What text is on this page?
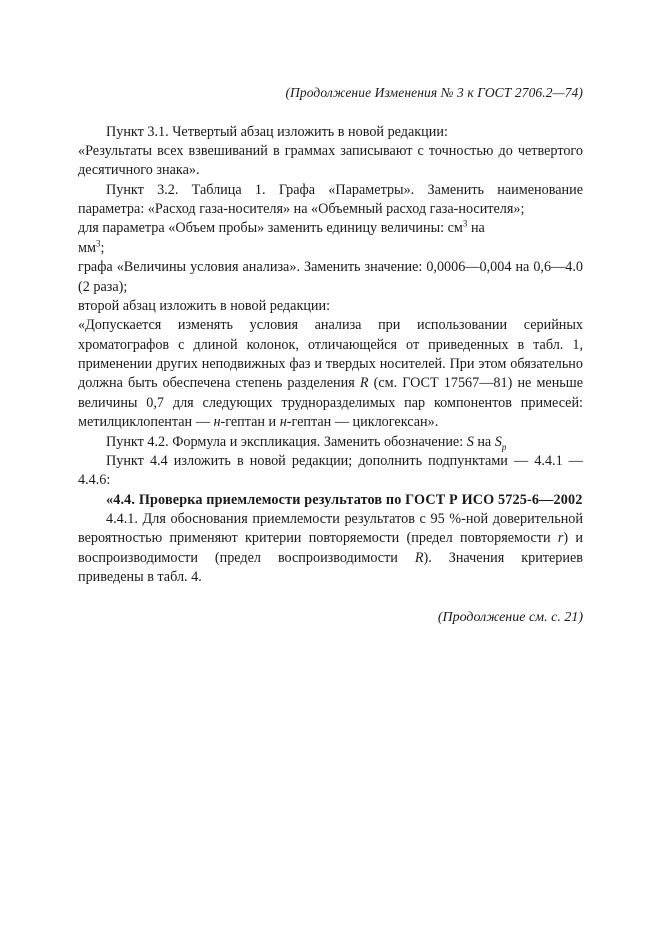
(Продолжение Изменения № 3 к ГОСТ 2706.2—74)

Пункт 3.1. Четвертый абзац изложить в новой редакции:

«Результаты всех взвешиваний в граммах записывают с точностью до четвертого десятичного знака».

Пункт 3.2. Таблица 1. Графа «Параметры». Заменить наименование параметра: «Расход газа-носителя» на «Объемный расход газа-носителя»;

для параметра «Объем пробы» заменить единицу величины: $см^3$ на
$мм^3$;

графа «Величины условия анализа». Заменить значение: 0,0006—0,004 на 0,6—4.0 (2 раза);

второй абзац изложить в новой редакции:

«Допускается изменять условия анализа при использовании серийных хроматографов с длиной колонок, отличающейся от приведенных в табл. 1, применении других неподвижных фаз и твердых носителей. При этом обязательно должна быть обеспечена степень разделения R (см. ГОСТ 17567—81) не меньше величины 0,7 для следующих трудноразделимых пар компонентов примесей: метилциклопентан — н-гептан и н-гептан — циклогексан».

Пункт 4.2. Формула и экспликация. Заменить обозначение: S на $S_p$

Пункт 4.4 изложить в новой редакции; дополнить подпунктами — 4.4.1 — 4.4.6:

«4.4. Проверка приемлемости результатов по ГОСТ Р ИСО 5725-6—2002

4.4.1. Для обоснования приемлемости результатов с 95 %-ной доверительной вероятностью применяют критерии повторяемости (предел повторяемости r) и воспроизводимости (предел воспроизводимости R). Значения критериев приведены в табл. 4.

(Продолжение см. с. 21)
